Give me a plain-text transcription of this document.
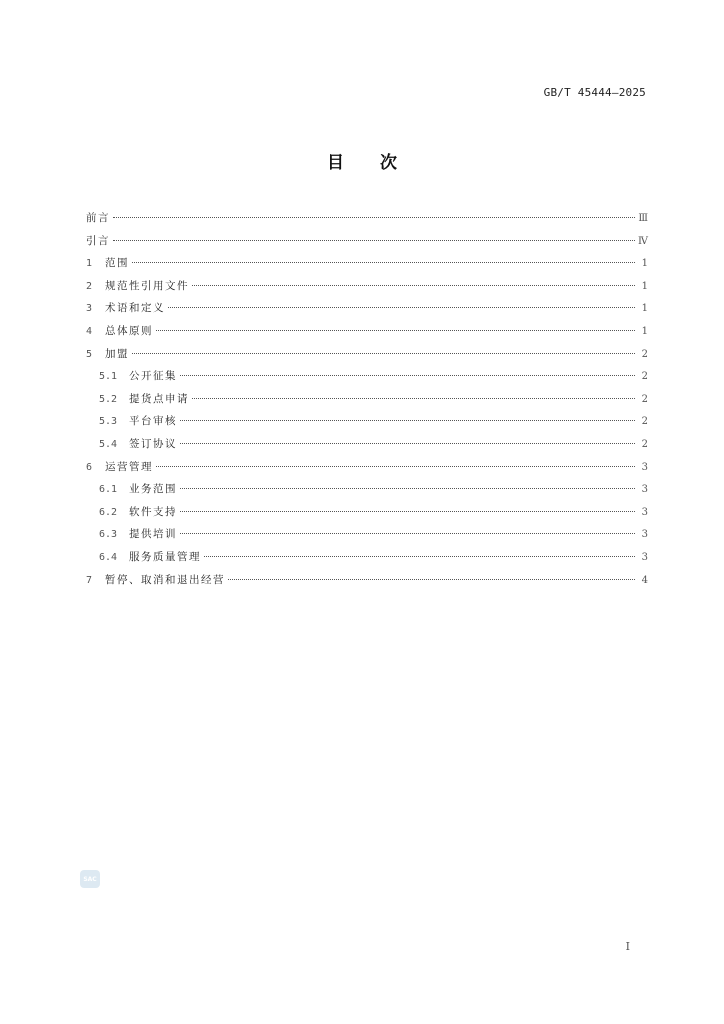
GB/T 45444—2025
目 次
前言	Ⅲ
引言	Ⅳ
1	范围	1
2	规范性引用文件	1
3	术语和定义	1
4	总体原则	1
5	加盟	2
5.1	公开征集	2
5.2	提货点申请	2
5.3	平台审核	2
5.4	签订协议	2
6	运营管理	3
6.1	业务范围	3
6.2	软件支持	3
6.3	提供培训	3
6.4	服务质量管理	3
7	暂停、取消和退出经营	4
SAC
I
